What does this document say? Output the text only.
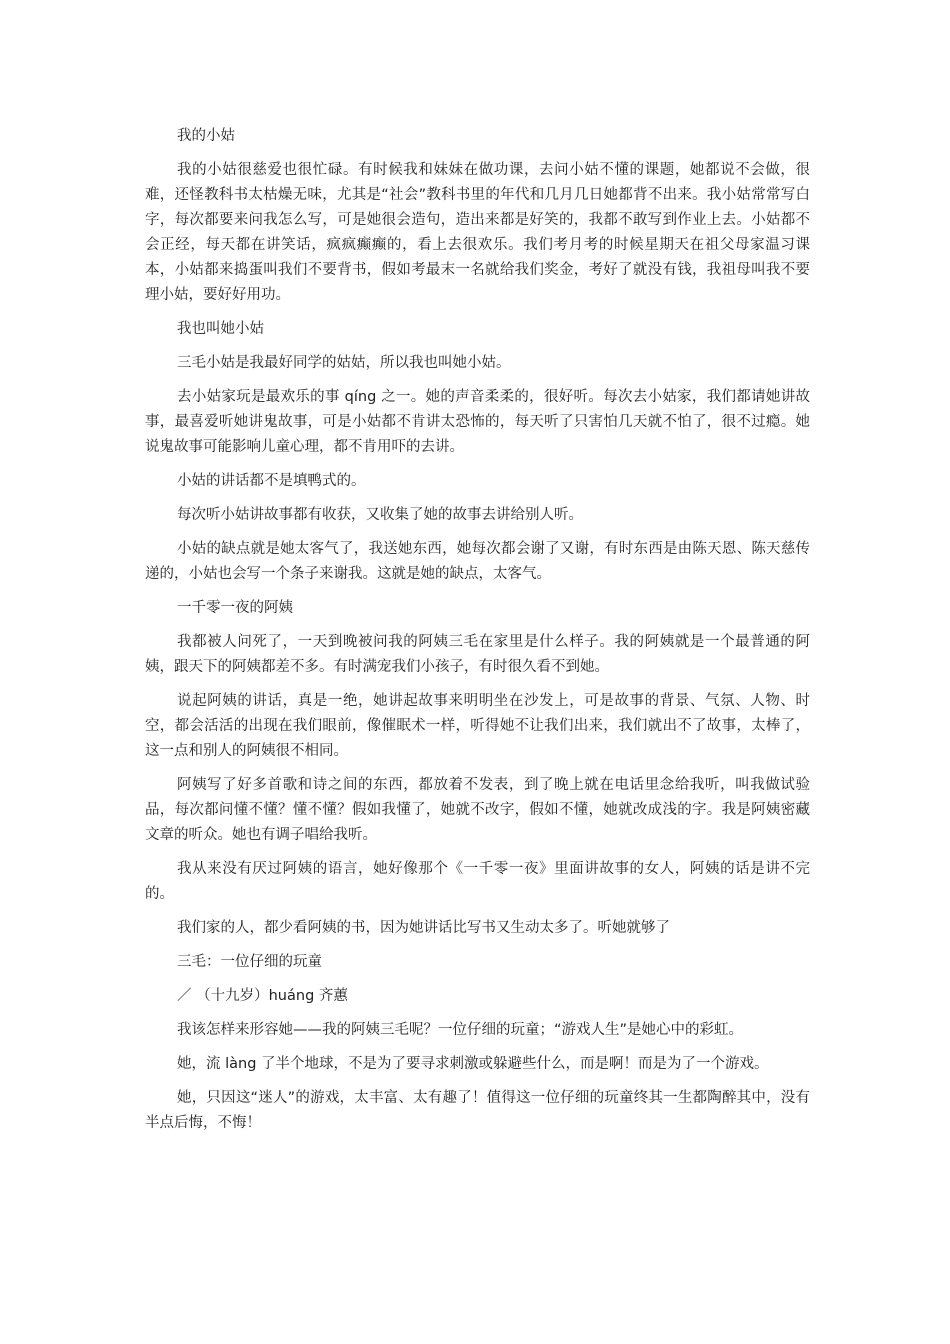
我的小姑

我的小姑很慈爱也很忙碌。有时候我和妹妹在做功课，去问小姑不懂的课题，她都说不会做，很难，还怪教科书太枯燥无味，尤其是“社会”教科书里的年代和几月几日她都背不出来。我小姑常常写白字，每次都要来问我怎么写，可是她很会造句，造出来都是好笑的，我都不敢写到作业上去。小姑都不会正经，每天都在讲笑话，疯疯癫癫的，看上去很欢乐。我们考月考的时候星期天在祖父母家温习课本，小姑都来捣蛋叫我们不要背书，假如考最末一名就给我们奖金，考好了就没有钱，我祖母叫我不要理小姑，要好好用功。

我也叫她小姑

三毛小姑是我最好同学的姑姑，所以我也叫她小姑。

去小姑家玩是最欢乐的事 qíng 之一。她的声音柔柔的，很好听。每次去小姑家，我们都请她讲故事，最喜爱听她讲鬼故事，可是小姑都不肯讲太恐怖的，每天听了只害怕几天就不怕了，很不过瘾。她说鬼故事可能影响儿童心理，都不肯用吓的去讲。

小姑的讲话都不是填鸭式的。

每次听小姑讲故事都有收获，又收集了她的故事去讲给别人听。

小姑的缺点就是她太客气了，我送她东西，她每次都会谢了又谢，有时东西是由陈天恩、陈天慈传递的，小姑也会写一个条子来谢我。这就是她的缺点，太客气。

一千零一夜的阿姨

我都被人问死了，一天到晚被问我的阿姨三毛在家里是什么样子。我的阿姨就是一个最普通的阿姨，跟天下的阿姨都差不多。有时满宠我们小孩子，有时很久看不到她。

说起阿姨的讲话，真是一绝，她讲起故事来明明坐在沙发上，可是故事的背景、气氛、人物、时空，都会活活的出现在我们眼前，像催眠术一样，听得她不让我们出来，我们就出不了故事，太棒了，这一点和别人的阿姨很不相同。

阿姨写了好多首歌和诗之间的东西，都放着不发表，到了晚上就在电话里念给我听，叫我做试验品，每次都问懂不懂？懂不懂？假如我懂了，她就不改字，假如不懂，她就改成浅的字。我是阿姨密藏文章的听众。她也有调子唱给我听。

我从来没有厌过阿姨的语言，她好像那个《一千零一夜》里面讲故事的女人，阿姨的话是讲不完的。

我们家的人，都少看阿姨的书，因为她讲话比写书又生动太多了。听她就够了

三毛：一位仔细的玩童

／ （十九岁）huáng 齐蕙

我该怎样来形容她——我的阿姨三毛呢？一位仔细的玩童；“游戏人生”是她心中的彩虹。

她，流 làng 了半个地球，不是为了要寻求刺激或躲避些什么，而是啊！而是为了一个游戏。

她，只因这“迷人”的游戏，太丰富、太有趣了！值得这一位仔细的玩童终其一生都陶醉其中，没有半点后悔，不悔！
